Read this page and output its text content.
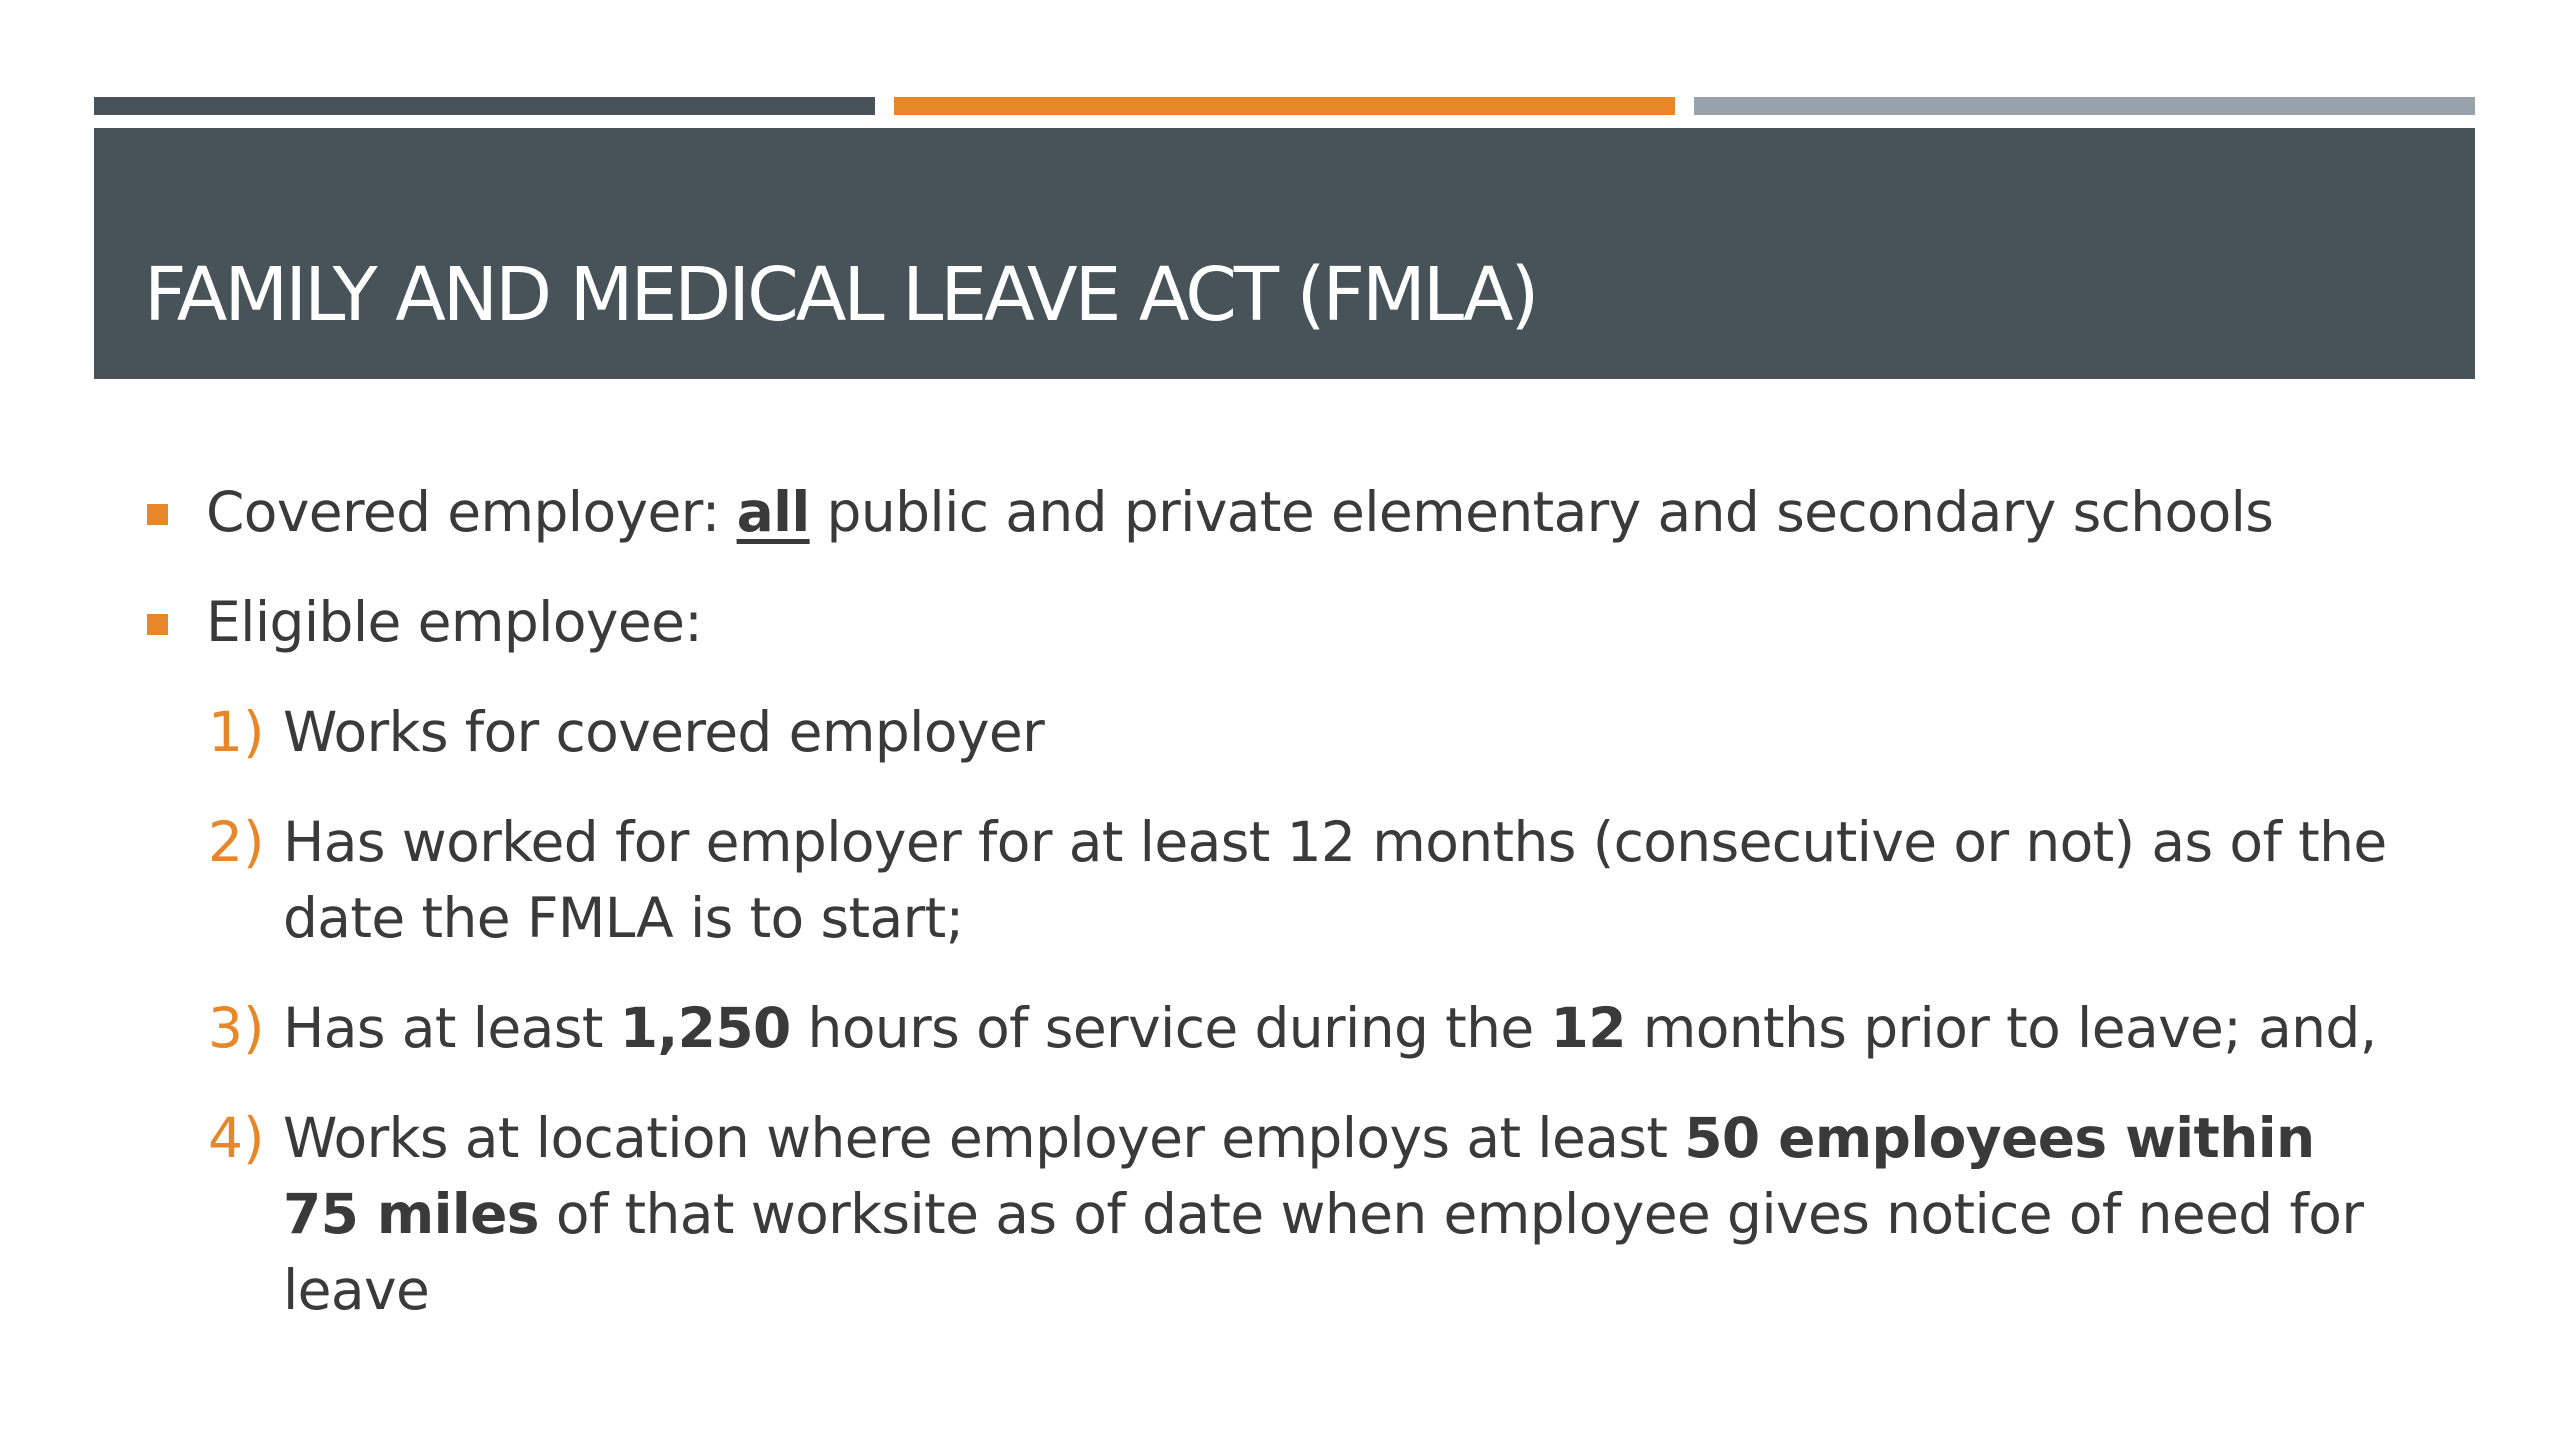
FAMILY AND MEDICAL LEAVE ACT (FMLA)
Covered employer: all public and private elementary and secondary schools
Eligible employee:
1) Works for covered employer
2) Has worked for employer for at least 12 months (consecutive or not) as of the date the FMLA is to start;
3) Has at least 1,250 hours of service during the 12 months prior to leave; and,
4) Works at location where employer employs at least 50 employees within 75 miles of that worksite as of date when employee gives notice of need for leave
